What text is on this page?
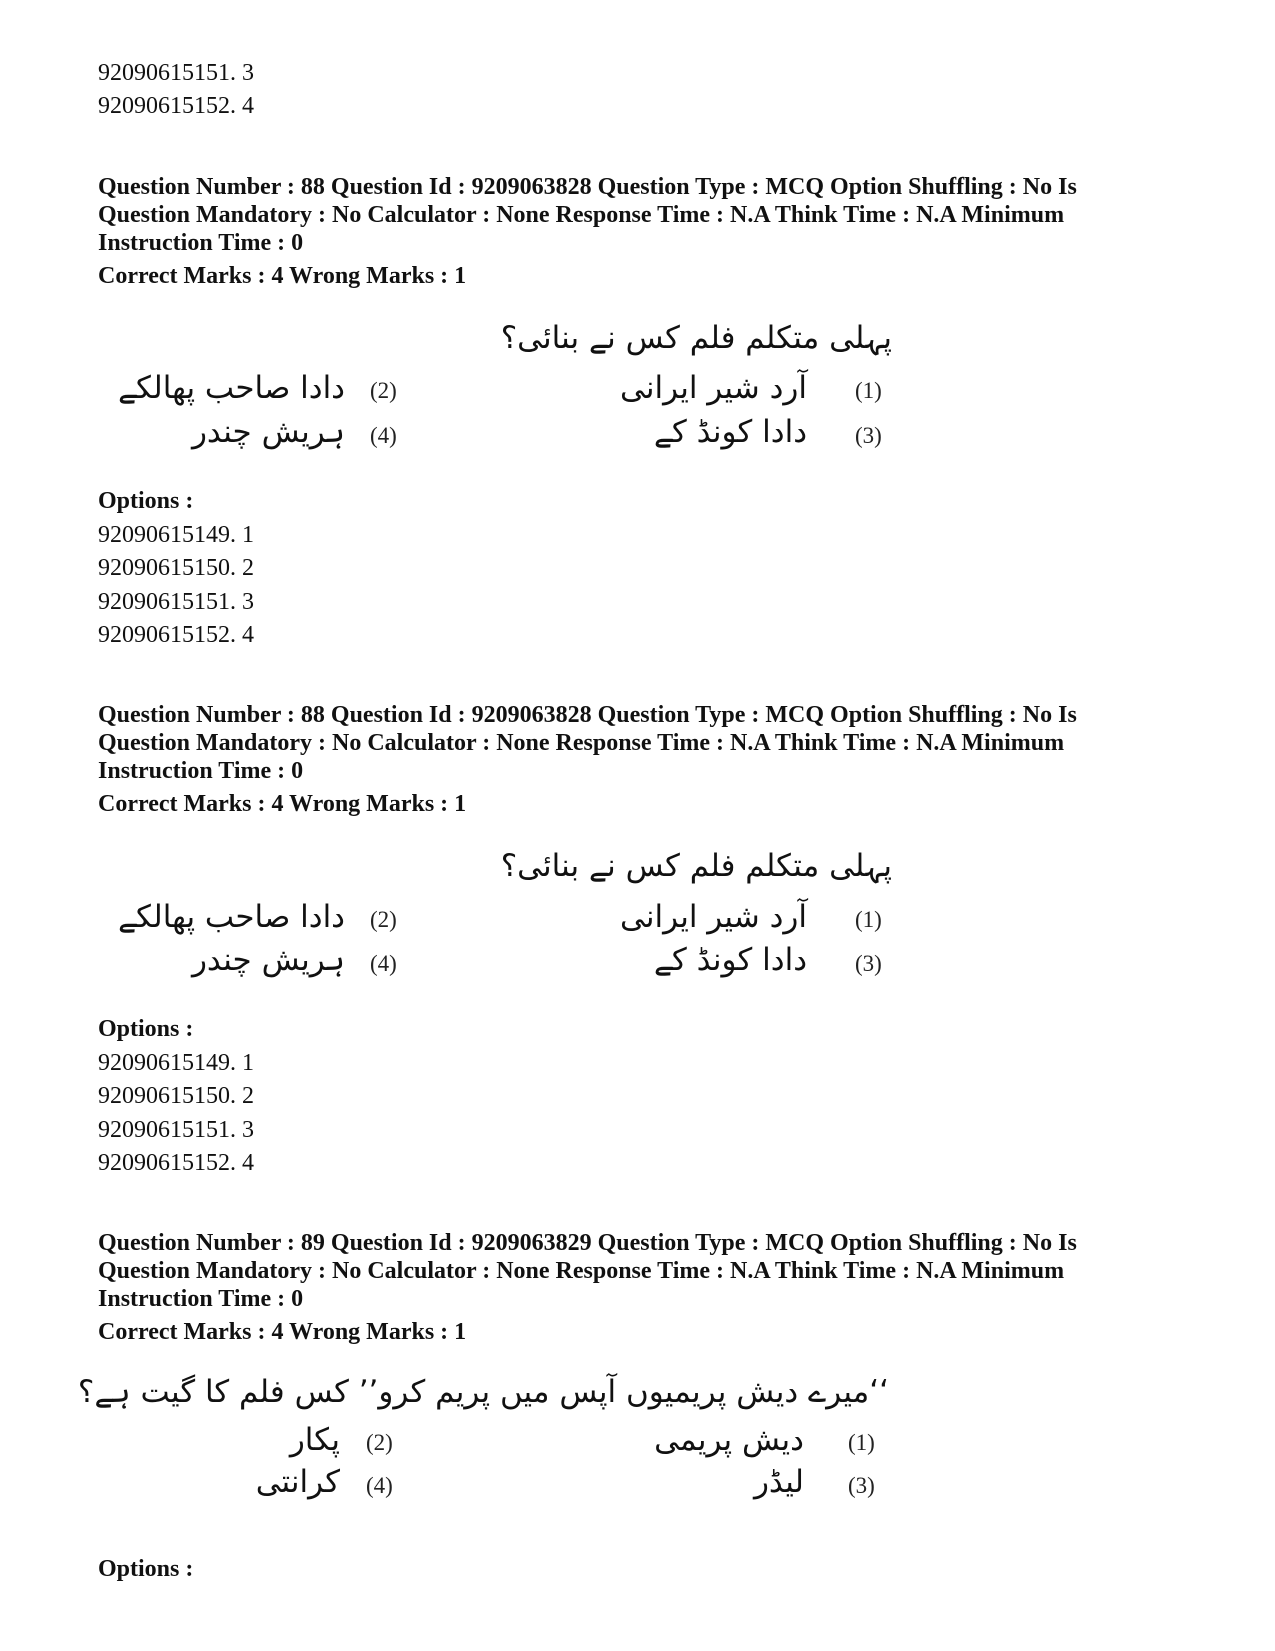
92090615151. 3
92090615152. 4
Question Number : 88 Question Id : 9209063828 Question Type : MCQ Option Shuffling : No Is
Question Mandatory : No Calculator : None Response Time : N.A Think Time : N.A Minimum
Instruction Time : 0
Correct Marks : 4 Wrong Marks : 1
پہلی متکلم فلم کس نے بنائی؟
(1)
آرد شیر ایرانی
(2)
دادا صاحب پھالکے
(3)
دادا کونڈ کے
(4)
ہریش چندر
Options :
92090615149. 1
92090615150. 2
92090615151. 3
92090615152. 4
Question Number : 88 Question Id : 9209063828 Question Type : MCQ Option Shuffling : No Is
Question Mandatory : No Calculator : None Response Time : N.A Think Time : N.A Minimum
Instruction Time : 0
Correct Marks : 4 Wrong Marks : 1
پہلی متکلم فلم کس نے بنائی؟
(1)
آرد شیر ایرانی
(2)
دادا صاحب پھالکے
(3)
دادا کونڈ کے
(4)
ہریش چندر
Options :
92090615149. 1
92090615150. 2
92090615151. 3
92090615152. 4
Question Number : 89 Question Id : 9209063829 Question Type : MCQ Option Shuffling : No Is
Question Mandatory : No Calculator : None Response Time : N.A Think Time : N.A Minimum
Instruction Time : 0
Correct Marks : 4 Wrong Marks : 1
‘‘میرے دیش پریمیوں آپس میں پریم کرو’’ کس فلم کا گیت ہے؟
(1)
دیش پریمی
(2)
پکار
(3)
لیڈر
(4)
کرانتی
Options :
